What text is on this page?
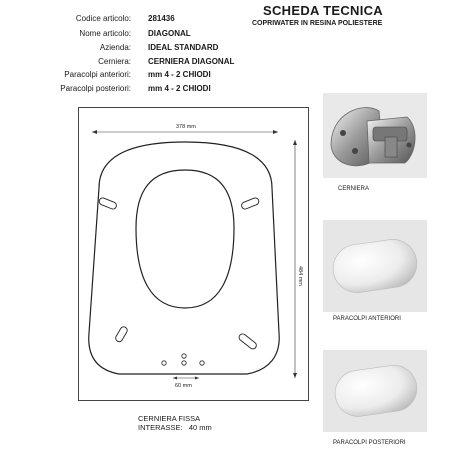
SCHEDA TECNICA
COPRIWATER IN RESINA POLIESTERE
Codice articolo: 281436
Nome articolo: DIAGONAL
Azienda: IDEAL STANDARD
Cerniera: CERNIERA DIAGONAL
Paracolpi anteriori: mm 4 - 2 CHIODI
Paracolpi posteriori: mm 4 - 2 CHIODI
378 mm
484 mm
60 mm
CERNIERA FISSA
INTERASSE:   40 mm
CERNIERA
PARACOLPI ANTERIORI
PARACOLPI POSTERIORI
